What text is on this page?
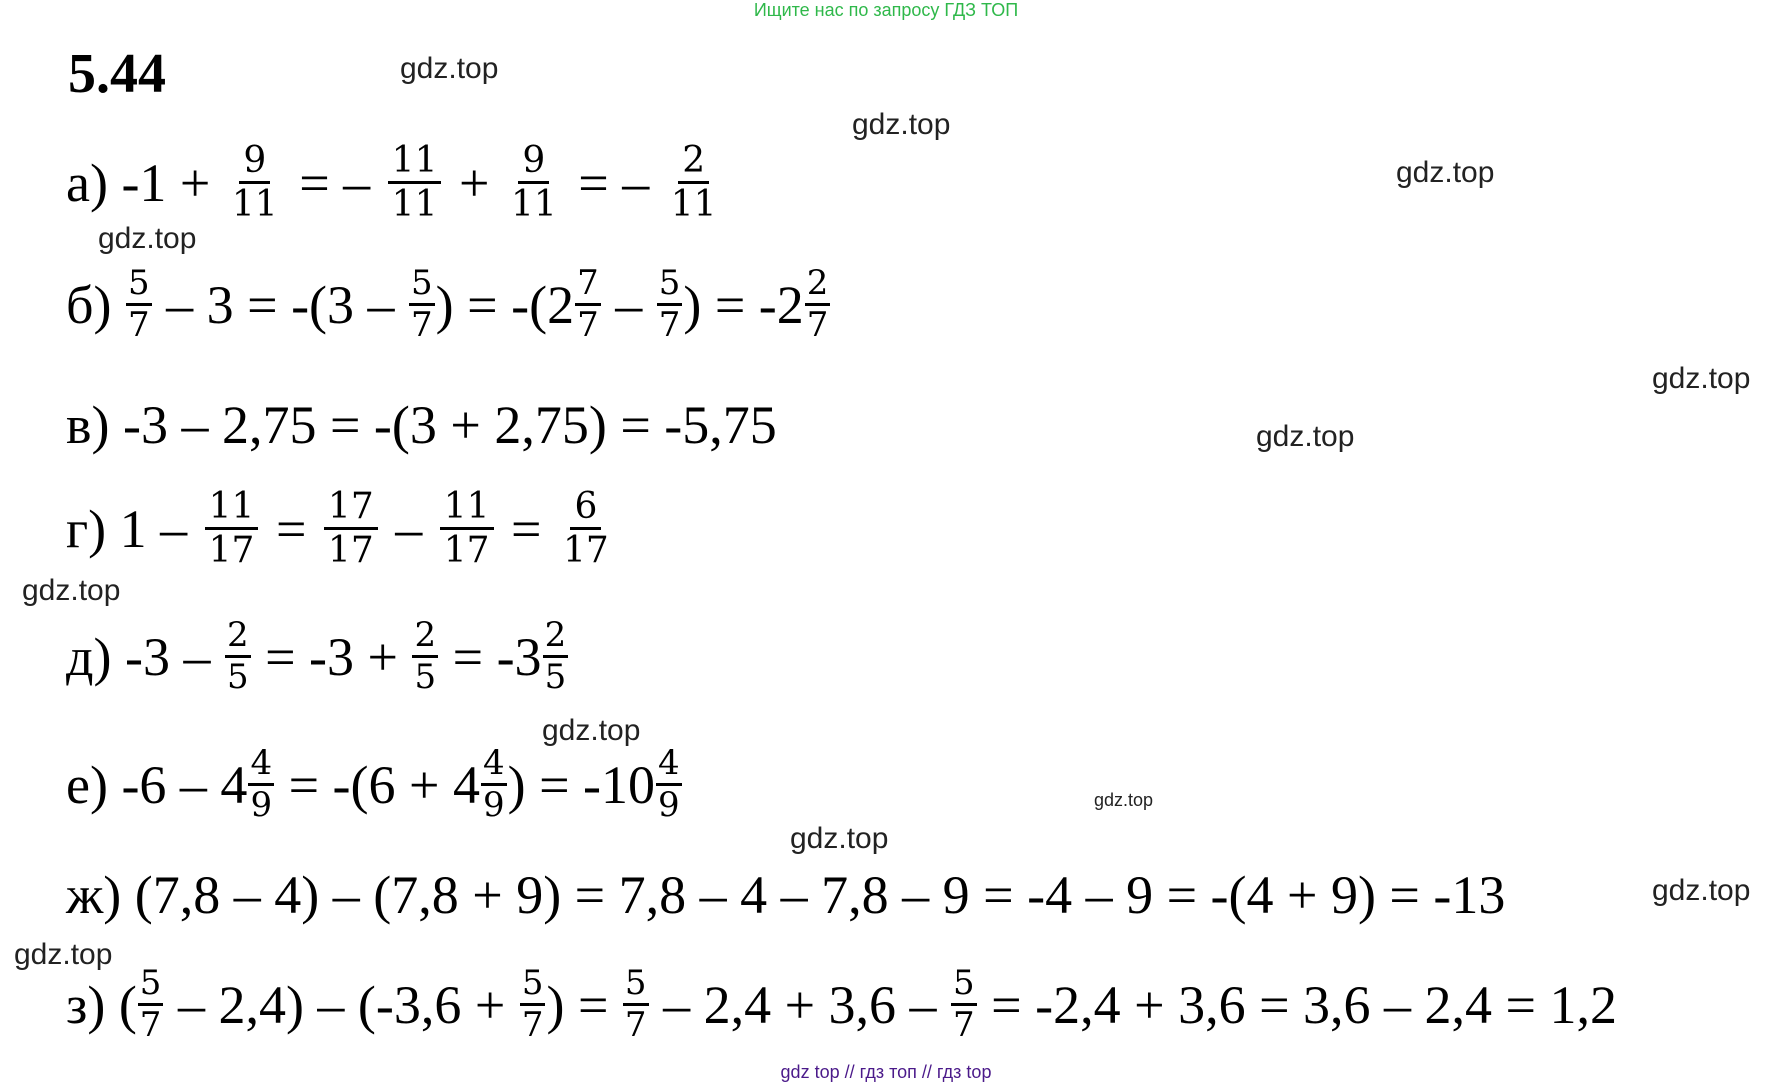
Ищите нас по запросу ГДЗ ТОП
5.44	gdz.top
gdz.top
gdz.top
gdz.top
gdz.top
gdz.top
gdz.top
gdz.top
gdz.top
gdz.top
gdz.top
gdz.top
а) $-1 + \frac{9}{11}$ = – $\frac{11}{11} + \frac{9}{11}$ = – $\frac{2}{11}$
$б) \frac{5}{7} - 3 = -(3 - \frac{5}{7}$ ) = $-(2 \frac{7}{7} - \frac{5}{7}$ ) = $-2 \frac{2}{7}$
в) -3 – 2,75 = -(3 + 2,75) = -5,75
г) $1 - \frac{11}{17} = \frac{17}{17} - \frac{11}{17} = \frac{6}{17}$
д) $-3 - \frac{2}{5} = -3 + \frac{2}{5} = -3 \frac{2}{5}$
е) $-6 - 4 \frac{4}{9} = -(6 + 4 \frac{4}{9}$ ) = $-10 \frac{4}{9}$
ж) (7,8 – 4) – (7,8 + 9) = 7,8 – 4 – 7,8 – 9 = -4 – 9 = -(4 + 9) = -13
з) ( $\frac{5}{7} - 2,4) - (-3,6 + \frac{5}{7}$ ) = $\frac{5}{7} - 2,4 + 3,6 - \frac{5}{7} = -2,4 + 3,6 = 3,6 - 2,4 = 1,2$
gdz top // гдз топ // гдз top
